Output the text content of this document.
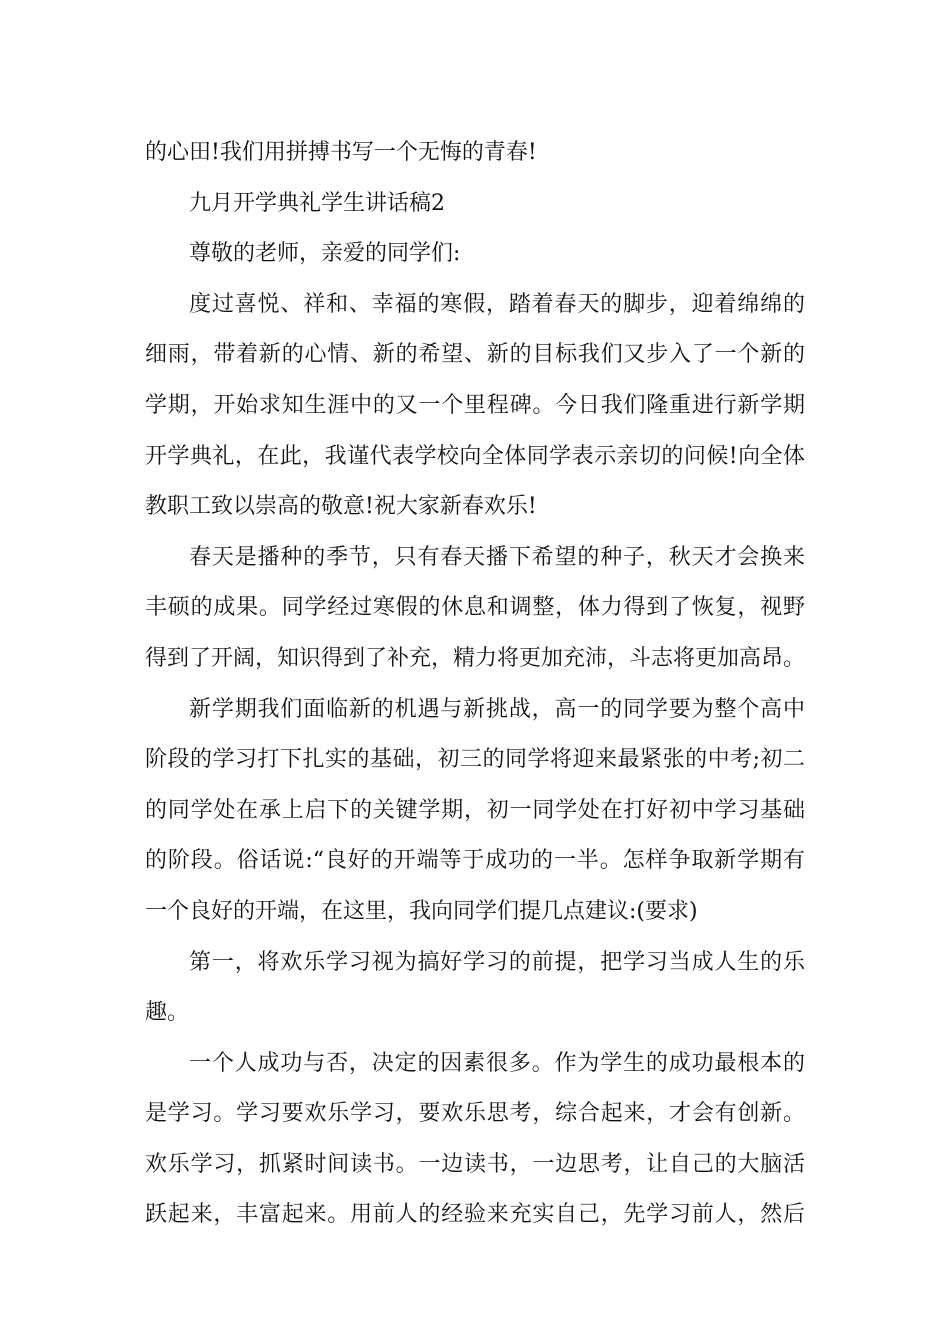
的心田!我们用拼搏书写一个无悔的青春!
九月开学典礼学生讲话稿2
尊敬的老师，亲爱的同学们:
度过喜悦、祥和、幸福的寒假，踏着春天的脚步，迎着绵绵的
细雨，带着新的心情、新的希望、新的目标我们又步入了一个新的
学期，开始求知生涯中的又一个里程碑。今日我们隆重进行新学期
开学典礼，在此，我谨代表学校向全体同学表示亲切的问候!向全体
教职工致以崇高的敬意!祝大家新春欢乐!
春天是播种的季节，只有春天播下希望的种子，秋天才会换来
丰硕的成果。同学经过寒假的休息和调整，体力得到了恢复，视野
得到了开阔，知识得到了补充，精力将更加充沛，斗志将更加高昂。
新学期我们面临新的机遇与新挑战，高一的同学要为整个高中
阶段的学习打下扎实的基础，初三的同学将迎来最紧张的中考;初二
的同学处在承上启下的关键学期，初一同学处在打好初中学习基础
的阶段。俗话说:“良好的开端等于成功的一半。怎样争取新学期有
一个良好的开端，在这里，我向同学们提几点建议:(要求)
第一，将欢乐学习视为搞好学习的前提，把学习当成人生的乐
趣。
一个人成功与否，决定的因素很多。作为学生的成功最根本的
是学习。学习要欢乐学习，要欢乐思考，综合起来，才会有创新。
欢乐学习，抓紧时间读书。一边读书，一边思考，让自己的大脑活
跃起来，丰富起来。用前人的经验来充实自己，先学习前人，然后
